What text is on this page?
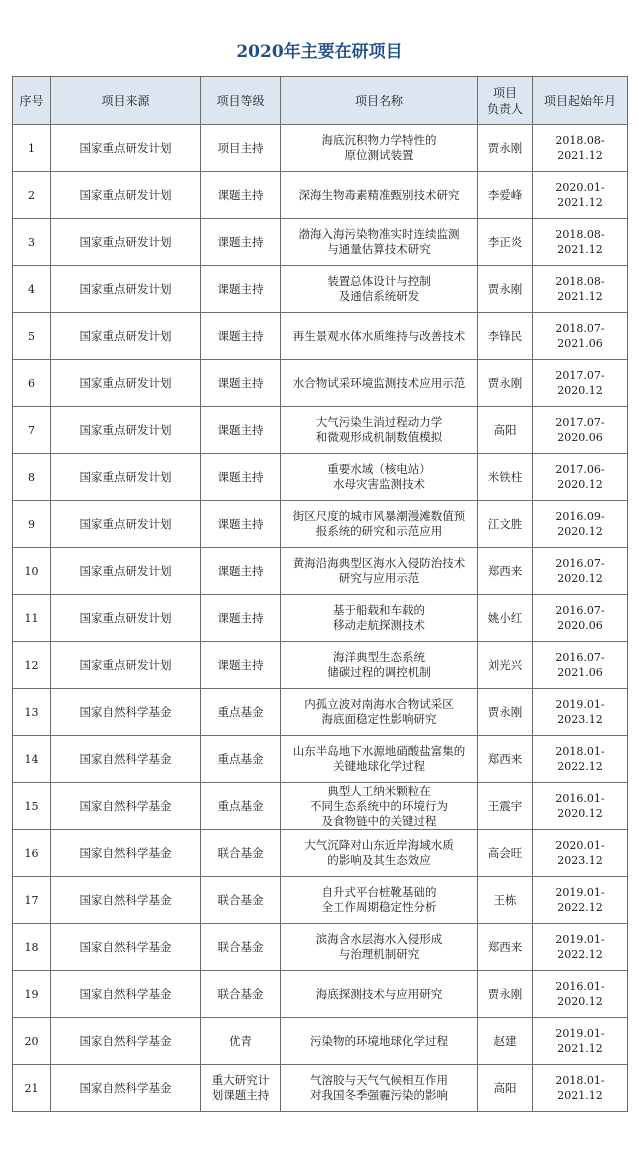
2020年主要在研项目
序号	项目来源	项目等级	项目名称	项目
负责人	项目起始年月
1	国家重点研发计划	项目主持	海底沉积物力学特性的
原位测试装置	贾永刚	2018.08-2021.12
2	国家重点研发计划	课题主持	深海生物毒素精准甄别技术研究	李爱峰	2020.01-2021.12
3	国家重点研发计划	课题主持	渤海入海污染物准实时连续监测
与通量估算技术研究	李正炎	2018.08-2021.12
4	国家重点研发计划	课题主持	装置总体设计与控制
及通信系统研发	贾永刚	2018.08-2021.12
5	国家重点研发计划	课题主持	再生景观水体水质维持与改善技术	李锋民	2018.07-2021.06
6	国家重点研发计划	课题主持	水合物试采环境监测技术应用示范	贾永刚	2017.07-2020.12
7	国家重点研发计划	课题主持	大气污染生消过程动力学
和微观形成机制数值模拟	高阳	2017.07-2020.06
8	国家重点研发计划	课题主持	重要水域（核电站）
水母灾害监测技术	米铁柱	2017.06-2020.12
9	国家重点研发计划	课题主持	街区尺度的城市风暴潮漫滩数值预
报系统的研究和示范应用	江文胜	2016.09-2020.12
10	国家重点研发计划	课题主持	黄海沿海典型区海水入侵防治技术
研究与应用示范	郑西来	2016.07-2020.12
11	国家重点研发计划	课题主持	基于船载和车载的
移动走航探测技术	姚小红	2016.07-2020.06
12	国家重点研发计划	课题主持	海洋典型生态系统
储碳过程的调控机制	刘光兴	2016.07-2021.06
13	国家自然科学基金	重点基金	内孤立波对南海水合物试采区
海底面稳定性影响研究	贾永刚	2019.01-2023.12
14	国家自然科学基金	重点基金	山东半岛地下水源地硝酸盐富集的
关键地球化学过程	郑西来	2018.01-2022.12
15	国家自然科学基金	重点基金	典型人工纳米颗粒在
不同生态系统中的环境行为
及食物链中的关键过程	王震宇	2016.01-2020.12
16	国家自然科学基金	联合基金	大气沉降对山东近岸海域水质
的影响及其生态效应	高会旺	2020.01-2023.12
17	国家自然科学基金	联合基金	自升式平台桩靴基础的
全工作周期稳定性分析	王栋	2019.01-2022.12
18	国家自然科学基金	联合基金	滨海含水层海水入侵形成
与治理机制研究	郑西来	2019.01-2022.12
19	国家自然科学基金	联合基金	海底探测技术与应用研究	贾永刚	2016.01-2020.12
20	国家自然科学基金	优青	污染物的环境地球化学过程	赵建	2019.01-2021.12
21	国家自然科学基金	重大研究计
划课题主持	气溶胶与天气气候相互作用
对我国冬季强霾污染的影响	高阳	2018.01-2021.12
